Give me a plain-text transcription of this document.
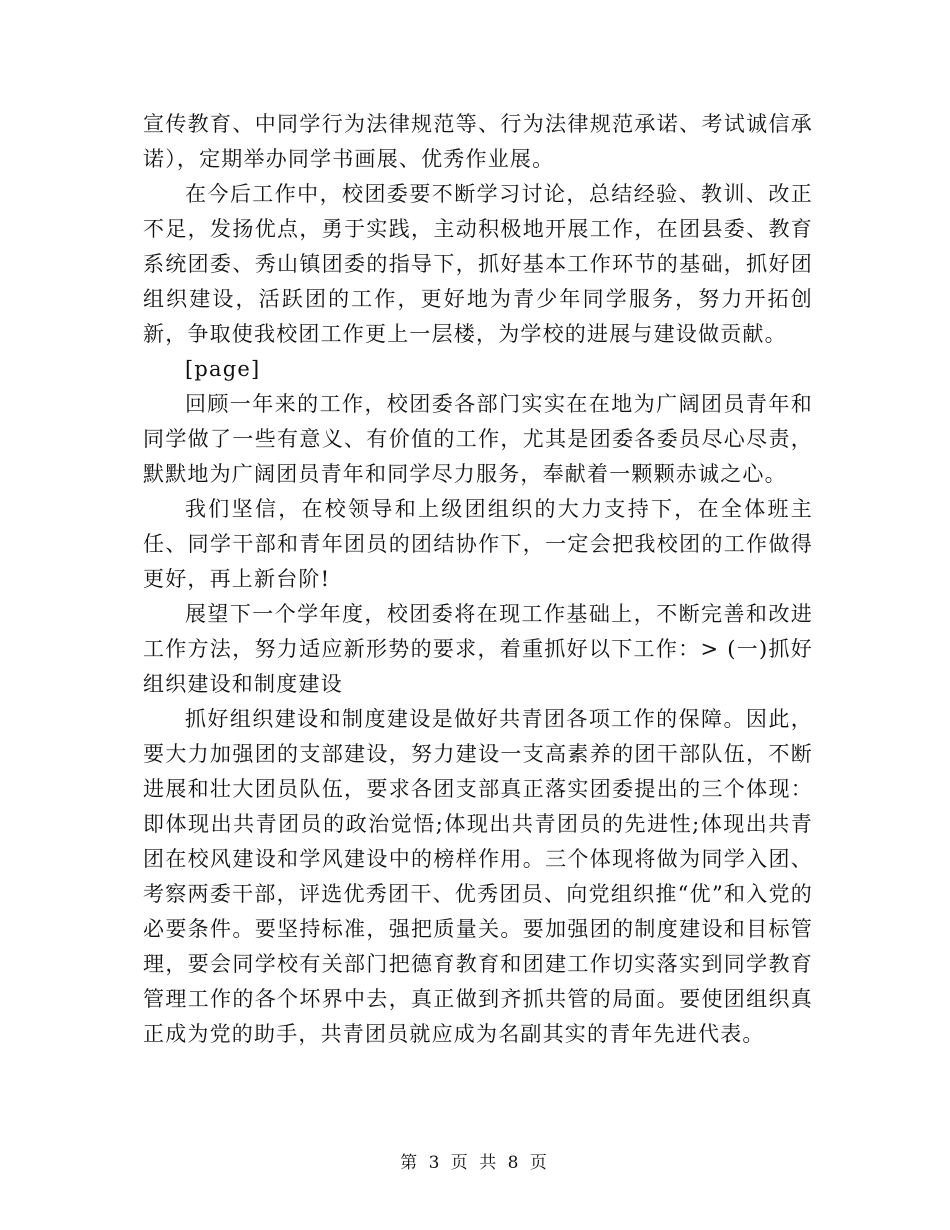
宣传教育、中同学行为法律规范等、行为法律规范承诺、考试诚信承诺），定期举办同学书画展、优秀作业展。

在今后工作中，校团委要不断学习讨论，总结经验、教训、改正不足，发扬优点，勇于实践，主动积极地开展工作，在团县委、教育系统团委、秀山镇团委的指导下，抓好基本工作环节的基础，抓好团组织建设，活跃团的工作，更好地为青少年同学服务，努力开拓创新，争取使我校团工作更上一层楼，为学校的进展与建设做贡献。

[page]

回顾一年来的工作，校团委各部门实实在在地为广阔团员青年和同学做了一些有意义、有价值的工作，尤其是团委各委员尽心尽责，默默地为广阔团员青年和同学尽力服务，奉献着一颗颗赤诚之心。

我们坚信，在校领导和上级团组织的大力支持下，在全体班主任、同学干部和青年团员的团结协作下，一定会把我校团的工作做得更好，再上新台阶!

展望下一个学年度，校团委将在现工作基础上，不断完善和改进工作方法，努力适应新形势的要求，着重抓好以下工作：> (一)抓好组织建设和制度建设

抓好组织建设和制度建设是做好共青团各项工作的保障。因此，要大力加强团的支部建设，努力建设一支高素养的团干部队伍，不断进展和壮大团员队伍，要求各团支部真正落实团委提出的三个体现：即体现出共青团员的政治觉悟;体现出共青团员的先进性;体现出共青团在校风建设和学风建设中的榜样作用。三个体现将做为同学入团、考察两委干部，评选优秀团干、优秀团员、向党组织推“优”和入党的必要条件。要坚持标准，强把质量关。要加强团的制度建设和目标管理，要会同学校有关部门把德育教育和团建工作切实落实到同学教育管理工作的各个坏界中去，真正做到齐抓共管的局面。要使团组织真正成为党的助手，共青团员就应成为名副其实的青年先进代表。

第 3 页 共 8 页
